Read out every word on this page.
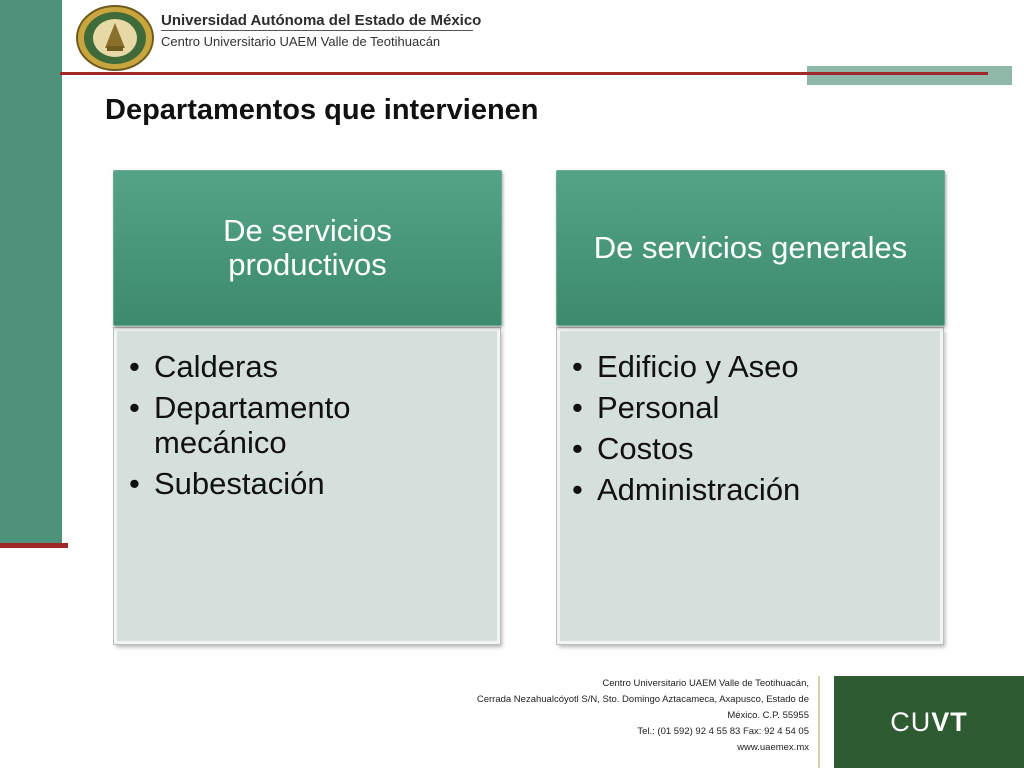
Universidad Autónoma del Estado de México
Centro Universitario UAEM Valle de Teotihuacán
Departamentos que intervienen
• Calderas
• Departamento mecánico
• Subestación
De servicios productivos
• Edificio y Aseo
• Personal
• Costos
• Administración
De servicios generales
Centro Universitario UAEM Valle de Teotihuacán,
Cerrada Nezahualcóyotl S/N, Sto. Domingo Aztacameca, Axapusco, Estado de
México. C.P. 55955
Tel.: (01 592) 92 4 55 83 Fax: 92 4 54 05
www.uaemex.mx
CUVT
